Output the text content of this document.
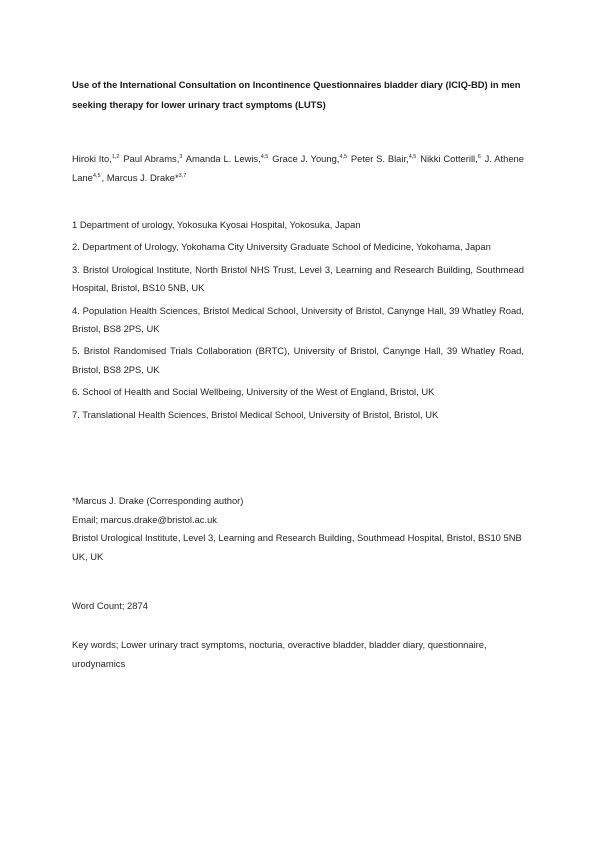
Use of the International Consultation on Incontinence Questionnaires bladder diary (ICIQ-BD) in men seeking therapy for lower urinary tract symptoms (LUTS)
Hiroki Ito,$^{1,2}$ Paul Abrams,$^3$ Amanda L. Lewis,$^{4,5}$ Grace J. Young,$^{4,5}$ Peter S. Blair,$^{4,5}$ Nikki Cotterill,$^6$ J. Athene Lane$^{4,5}$, Marcus J. Drake*$^{3,7}$
1 Department of urology, Yokosuka Kyosai Hospital, Yokosuka, Japan
2. Department of Urology, Yokohama City University Graduate School of Medicine, Yokohama, Japan
3. Bristol Urological Institute, North Bristol NHS Trust, Level 3, Learning and Research Building, Southmead Hospital, Bristol, BS10 5NB, UK
4. Population Health Sciences, Bristol Medical School, University of Bristol, Canynge Hall, 39 Whatley Road, Bristol, BS8 2PS, UK
5. Bristol Randomised Trials Collaboration (BRTC), University of Bristol, Canynge Hall, 39 Whatley Road, Bristol, BS8 2PS, UK
6. School of Health and Social Wellbeing, University of the West of England, Bristol, UK
7. Translational Health Sciences, Bristol Medical School, University of Bristol, Bristol, UK
*Marcus J. Drake (Corresponding author)
Email; marcus.drake@bristol.ac.uk
Bristol Urological Institute, Level 3, Learning and Research Building, Southmead Hospital, Bristol, BS10 5NB UK, UK
Word Count; 2874
Key words; Lower urinary tract symptoms, nocturia, overactive bladder, bladder diary, questionnaire, urodynamics
